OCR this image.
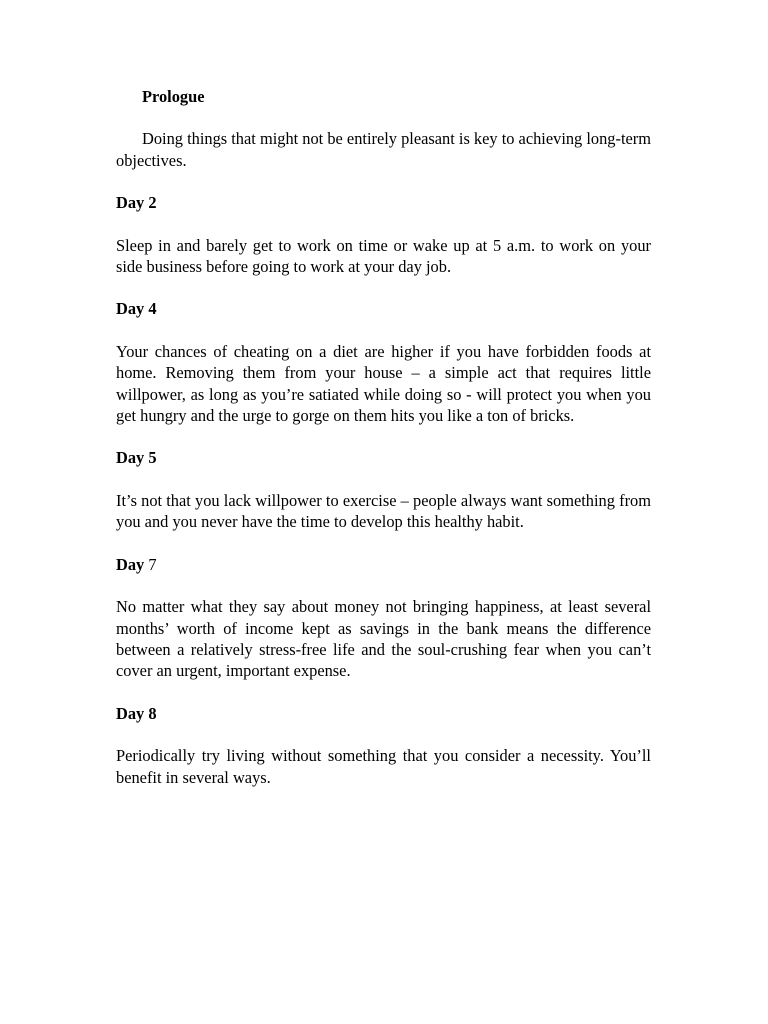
Prologue

Doing things that might not be entirely pleasant is key to achieving long-term objectives.

Day 2

Sleep in and barely get to work on time or wake up at 5 a.m. to work on your side business before going to work at your day job.

Day 4

Your chances of cheating on a diet are higher if you have forbidden foods at home. Removing them from your house – a simple act that requires little willpower, as long as you’re satiated while doing so - will protect you when you get hungry and the urge to gorge on them hits you like a ton of bricks.

Day 5

It’s not that you lack willpower to exercise – people always want something from you and you never have the time to develop this healthy habit.

Day 7

No matter what they say about money not bringing happiness, at least several months’ worth of income kept as savings in the bank means the difference between a relatively stress-free life and the soul-crushing fear when you can’t cover an urgent, important expense.

Day 8

Periodically try living without something that you consider a necessity. You’ll benefit in several ways.
